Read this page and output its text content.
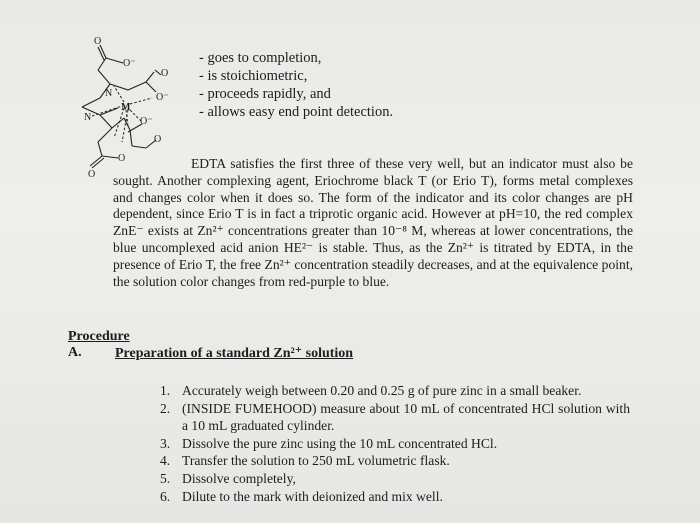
O
O⁻
O
O⁻
N
M
N	O⁻
O
O
O
- goes to completion,
- is stoichiometric,
- proceeds rapidly, and
- allows easy end point detection.
EDTA satisfies the first three of these very well, but an indicator must also be sought. Another complexing agent, Eriochrome black T (or Erio T), forms metal complexes and changes color when it does so. The form of the indicator and its color changes are pH dependent, since Erio T is in fact a triprotic organic acid. However at pH=10, the red complex ZnE⁻ exists at Zn²⁺ concentrations greater than 10⁻⁸ M, whereas at lower concentrations, the blue uncomplexed acid anion HE²⁻ is stable. Thus, as the Zn²⁺ is titrated by EDTA, in the presence of Erio T, the free Zn²⁺ concentration steadily decreases, and at the equivalence point, the solution color changes from red-purple to blue.
Procedure
A. Preparation of a standard Zn²⁺ solution
1. Accurately weigh between 0.20 and 0.25 g of pure zinc in a small beaker.
2. (INSIDE FUMEHOOD) measure about 10 mL of concentrated HCl solution with a 10 mL graduated cylinder.
3. Dissolve the pure zinc using the 10 mL concentrated HCl.
4. Transfer the solution to 250 mL volumetric flask.
5. Dissolve completely,
6. Dilute to the mark with deionized and mix well.
